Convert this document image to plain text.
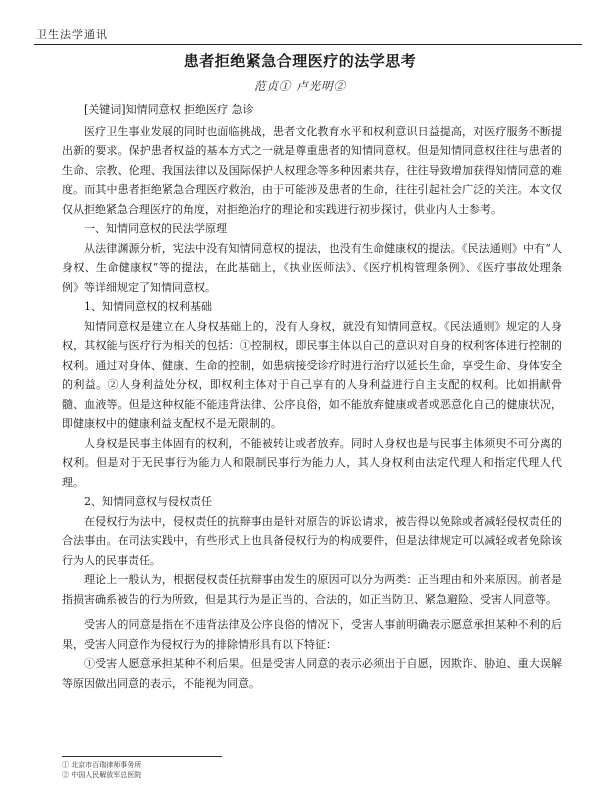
卫生法学通讯
患者拒绝紧急合理医疗的法学思考
范贞① 卢光明②

[关键词]知情同意权 拒绝医疗 急诊

医疗卫生事业发展的同时也面临挑战，患者文化教育水平和权利意识日益提高，对医疗服务不断提出新的要求。保护患者权益的基本方式之一就是尊重患者的知情同意权。但是知情同意权往往与患者的生命、宗教、伦理、我国法律以及国际保护人权理念等多种因素共存，往往导致增加获得知情同意的难度。而其中患者拒绝紧急合理医疗救治，由于可能涉及患者的生命，往往引起社会广泛的关注。本文仅仅从拒绝紧急合理医疗的角度，对拒绝治疗的理论和实践进行初步探讨，供业内人士参考。

一、知情同意权的民法学原理

从法律渊源分析，宪法中没有知情同意权的提法，也没有生命健康权的提法。《民法通则》中有“人身权、生命健康权”等的提法，在此基础上，《执业医师法》、《医疗机构管理条例》、《医疗事故处理条例》等详细规定了知情同意权。

1、知情同意权的权利基础

知情同意权是建立在人身权基础上的，没有人身权，就没有知情同意权。《民法通则》规定的人身权，其权能与医疗行为相关的包括：①控制权，即民事主体以自己的意识对自身的权利客体进行控制的权利。通过对身体、健康、生命的控制，如患病接受诊疗时进行治疗以延长生命，享受生命、身体安全的利益。②人身利益处分权，即权利主体对于自己享有的人身利益进行自主支配的权利。比如捐献骨髓、血液等。但是这种权能不能违背法律、公序良俗，如不能放弃健康或者或恶意化自己的健康状况，即健康权中的健康利益支配权不是无限制的。

人身权是民事主体固有的权利，不能被转让或者放弃。同时人身权也是与民事主体须臾不可分离的权利。但是对于无民事行为能力人和限制民事行为能力人，其人身权利由法定代理人和指定代理人代理。

2、知情同意权与侵权责任

在侵权行为法中，侵权责任的抗辩事由是针对原告的诉讼请求，被告得以免除或者减轻侵权责任的合法事由。在司法实践中，有些形式上也具备侵权行为的构成要件，但是法律规定可以减轻或者免除该行为人的民事责任。

理论上一般认为，根据侵权责任抗辩事由发生的原因可以分为两类：正当理由和外来原因。前者是指损害确系被告的行为所致，但是其行为是正当的、合法的，如正当防卫、紧急避险、受害人同意等。

受害人的同意是指在不违背法律及公序良俗的情况下，受害人事前明确表示愿意承担某种不利的后果，受害人同意作为侵权行为的排除情形具有以下特征：

①受害人愿意承担某种不利后果。但是受害人同意的表示必须出于自愿，因欺诈、胁迫、重大误解等原因做出同意的表示，不能视为同意。

① 北京市百瑞律师事务所
② 中国人民解放军总医院
